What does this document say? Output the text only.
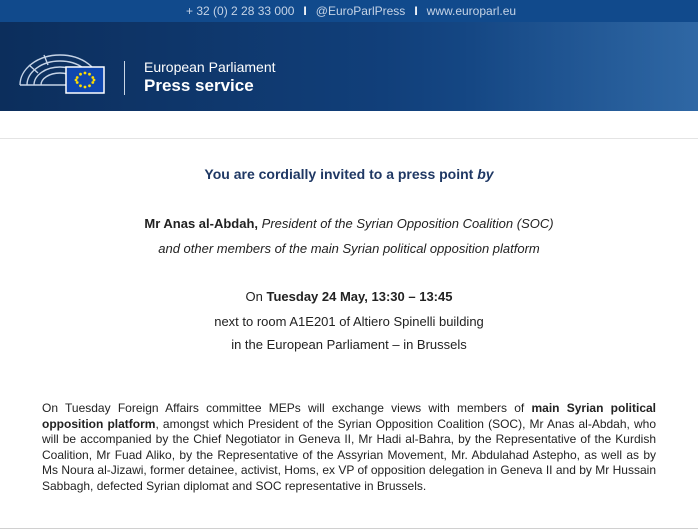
+ 32 (0) 2 28 33 000 I @EuroParlPress I www.europarl.eu
European Parliament
Press service
You are cordially invited to a press point by
Mr Anas al-Abdah, President of the Syrian Opposition Coalition (SOC)
and other members of the main Syrian political opposition platform
On Tuesday 24 May, 13:30 – 13:45
next to room A1E201 of Altiero Spinelli building
in the European Parliament – in Brussels
On Tuesday Foreign Affairs committee MEPs will exchange views with members of main Syrian political opposition platform, amongst which President of the Syrian Opposition Coalition (SOC), Mr Anas al-Abdah, who will be accompanied by the Chief Negotiator in Geneva II, Mr Hadi al-Bahra, by the Representative of the Kurdish Coalition, Mr Fuad Aliko, by the Representative of the Assyrian Movement, Mr. Abdulahad Astepho, as well as by Ms Noura al-Jizawi, former detainee, activist, Homs, ex VP of opposition delegation in Geneva II and by Mr Hussain Sabbagh, defected Syrian diplomat and SOC representative in Brussels.
